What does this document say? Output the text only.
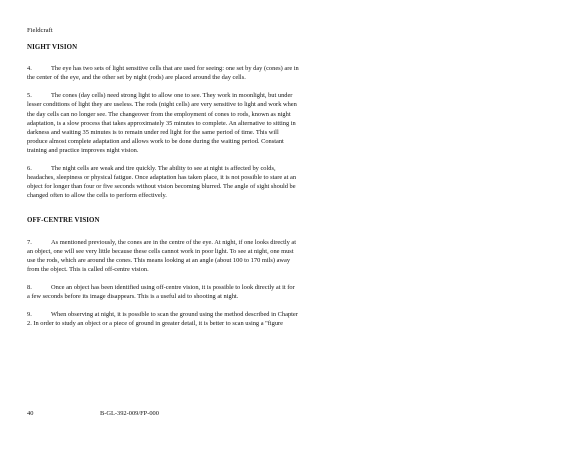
Fieldcraft

NIGHT VISION

4.	The eye has two sets of light sensitive cells that are used for seeing: one set by day (cones) are in the center of the eye, and the other set by night (rods) are placed around the day cells.

5.	The cones (day cells) need strong light to allow one to see. They work in moonlight, but under lesser conditions of light they are useless. The rods (night cells) are very sensitive to light and work when the day cells can no longer see. The changeover from the employment of cones to rods, known as night adaptation, is a slow process that takes approximately 35 minutes to complete. An alternative to sitting in darkness and waiting 35 minutes is to remain under red light for the same period of time. This will produce almost complete adaptation and allows work to be done during the waiting period. Constant training and practice improves night vision.

6.	The night cells are weak and tire quickly. The ability to see at night is affected by colds, headaches, sleepiness or physical fatigue. Once adaptation has taken place, it is not possible to stare at an object for longer than four or five seconds without vision becoming blurred. The angle of sight should be changed often to allow the cells to perform effectively.

OFF-CENTRE VISION

7.	As mentioned previously, the cones are in the centre of the eye. At night, if one looks directly at an object, one will see very little because these cells cannot work in poor light. To see at night, one must use the rods, which are around the cones. This means looking at an angle (about 100 to 170 mils) away from the object. This is called off-centre vision.

8.	Once an object has been identified using off-centre vision, it is possible to look directly at it for a few seconds before its image disappears. This is a useful aid to shooting at night.

9.	When observing at night, it is possible to scan the ground using the method described in Chapter 2. In order to study an object or a piece of ground in greater detail, it is better to scan using a "figure

40	B-GL-392-009/FP-000
